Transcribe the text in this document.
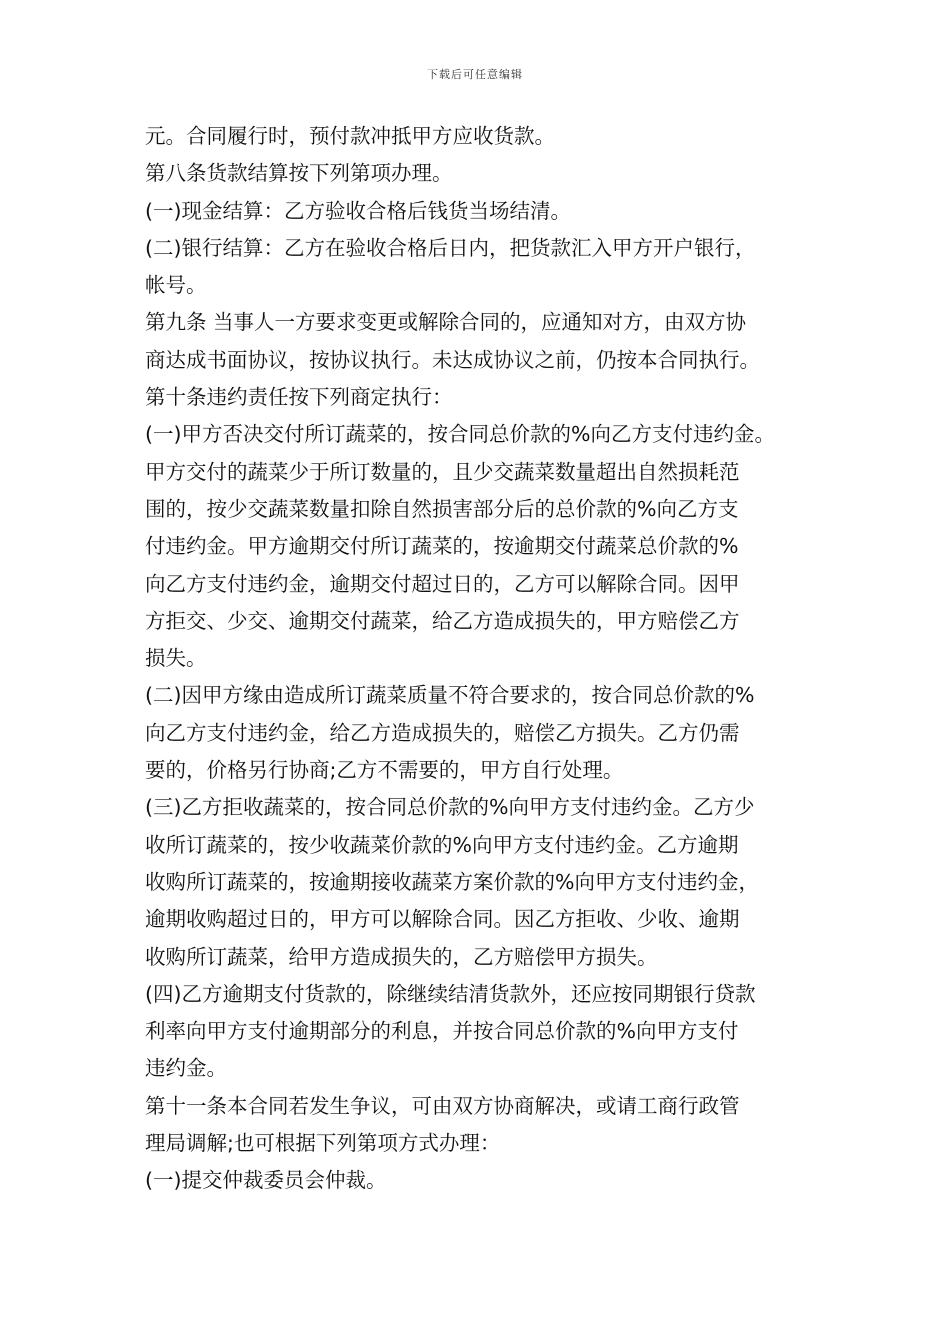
下载后可任意编辑
元。合同履行时，预付款冲抵甲方应收货款。
第八条货款结算按下列第项办理。
(一)现金结算：乙方验收合格后钱货当场结清。
(二)银行结算：乙方在验收合格后日内，把货款汇入甲方开户银行，
帐号。
第九条 当事人一方要求变更或解除合同的，应通知对方，由双方协
商达成书面协议，按协议执行。未达成协议之前，仍按本合同执行。
第十条违约责任按下列商定执行：
(一)甲方否决交付所订蔬菜的，按合同总价款的%向乙方支付违约金。
甲方交付的蔬菜少于所订数量的，且少交蔬菜数量超出自然损耗范
围的，按少交蔬菜数量扣除自然损害部分后的总价款的%向乙方支
付违约金。甲方逾期交付所订蔬菜的，按逾期交付蔬菜总价款的%
向乙方支付违约金，逾期交付超过日的，乙方可以解除合同。因甲
方拒交、少交、逾期交付蔬菜，给乙方造成损失的，甲方赔偿乙方
损失。
(二)因甲方缘由造成所订蔬菜质量不符合要求的，按合同总价款的%
向乙方支付违约金，给乙方造成损失的，赔偿乙方损失。乙方仍需
要的，价格另行协商;乙方不需要的，甲方自行处理。
(三)乙方拒收蔬菜的，按合同总价款的%向甲方支付违约金。乙方少
收所订蔬菜的，按少收蔬菜价款的%向甲方支付违约金。乙方逾期
收购所订蔬菜的，按逾期接收蔬菜方案价款的%向甲方支付违约金，
逾期收购超过日的，甲方可以解除合同。因乙方拒收、少收、逾期
收购所订蔬菜，给甲方造成损失的，乙方赔偿甲方损失。
(四)乙方逾期支付货款的，除继续结清货款外，还应按同期银行贷款
利率向甲方支付逾期部分的利息，并按合同总价款的%向甲方支付
违约金。
第十一条本合同若发生争议，可由双方协商解决，或请工商行政管
理局调解;也可根据下列第项方式办理：
(一)提交仲裁委员会仲裁。
